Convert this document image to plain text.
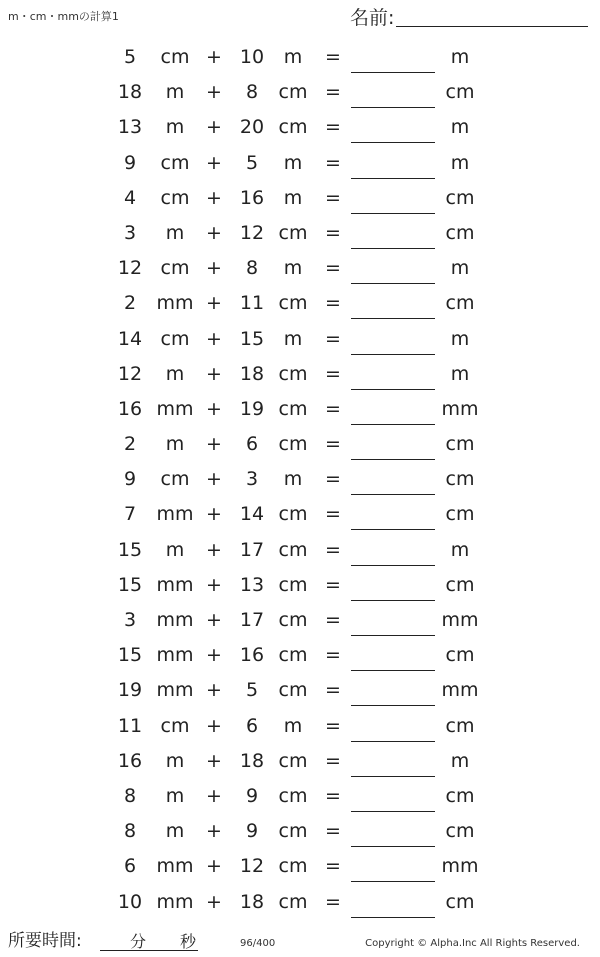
m・cm・mmの計算1	名前:
5	cm + 10	m	=	m
18	m	+	8	cm =	cm
13	m	+ 20 cm =	m
9	cm +	5	m	=	m
4	cm + 16	m	=	cm
3	m	+ 12 cm =	cm
12 cm +	8	m	=	m
2	mm + 11 cm =	cm
14 cm + 15	m	=	m
12	m	+ 18 cm =	m
16 mm + 19 cm =	mm
2	m	+	6	cm =	cm
9	cm +	3	m	=	cm
7	mm + 14 cm =	cm
15	m	+ 17 cm =	m
15 mm + 13 cm =	cm
3	mm + 17 cm =	mm
15 mm + 16 cm =	cm
19 mm +	5	cm =	mm
11 cm +	6	m	=	cm
16	m	+ 18 cm =	m
8	m	+	9	cm =	cm
8	m	+	9	cm =	cm
6	mm + 12 cm =	mm
10 mm + 18 cm =	cm
所要時間:	分 秒	96/400	Copyright © Alpha.Inc All Rights Reserved.
